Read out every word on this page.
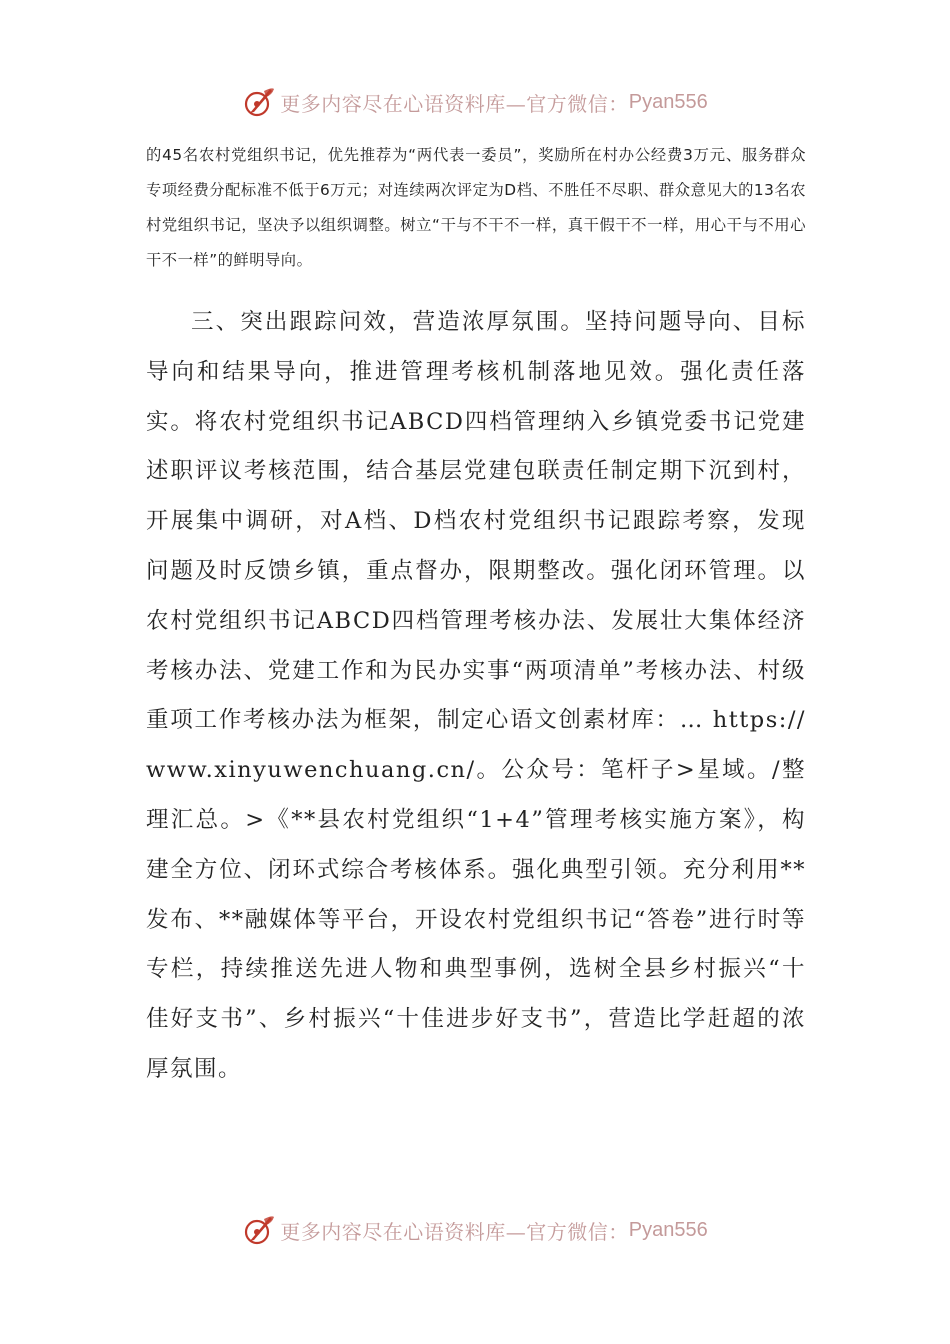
更多内容尽在心语资料库—官方微信： Pyan556

的45名农村党组织书记，优先推荐为“两代表一委员”，奖励所在村办公经费3万元、服务群众专项经费分配标准不低于6万元；对连续两次评定为D档、不胜任不尽职、群众意见大的13名农村党组织书记，坚决予以组织调整。树立“干与不干不一样，真干假干不一样，用心干与不用心干不一样”的鲜明导向。

三、突出跟踪问效，营造浓厚氛围。坚持问题导向、目标导向和结果导向，推进管理考核机制落地见效。强化责任落实。将农村党组织书记ABCD四档管理纳入乡镇党委书记党建述职评议考核范围，结合基层党建包联责任制定期下沉到村，开展集中调研，对A档、D档农村党组织书记跟踪考察，发现问题及时反馈乡镇，重点督办，限期整改。强化闭环管理。以农村党组织书记ABCD四档管理考核办法、发展壮大集体经济考核办法、党建工作和为民办实事“两项清单”考核办法、村级重项工作考核办法为框架，制定心语文创素材库：… https://www.xinyuwenchuang.cn/。公众号：笔杆子>星域。/整理汇总。>《**县农村党组织“1+4”管理考核实施方案》，构建全方位、闭环式综合考核体系。强化典型引领。充分利用**发布、**融媒体等平台，开设农村党组织书记“答卷”进行时等专栏，持续推送先进人物和典型事例，选树全县乡村振兴“十佳好支书”、乡村振兴“十佳进步好支书”，营造比学赶超的浓厚氛围。

更多内容尽在心语资料库—官方微信： Pyan556
